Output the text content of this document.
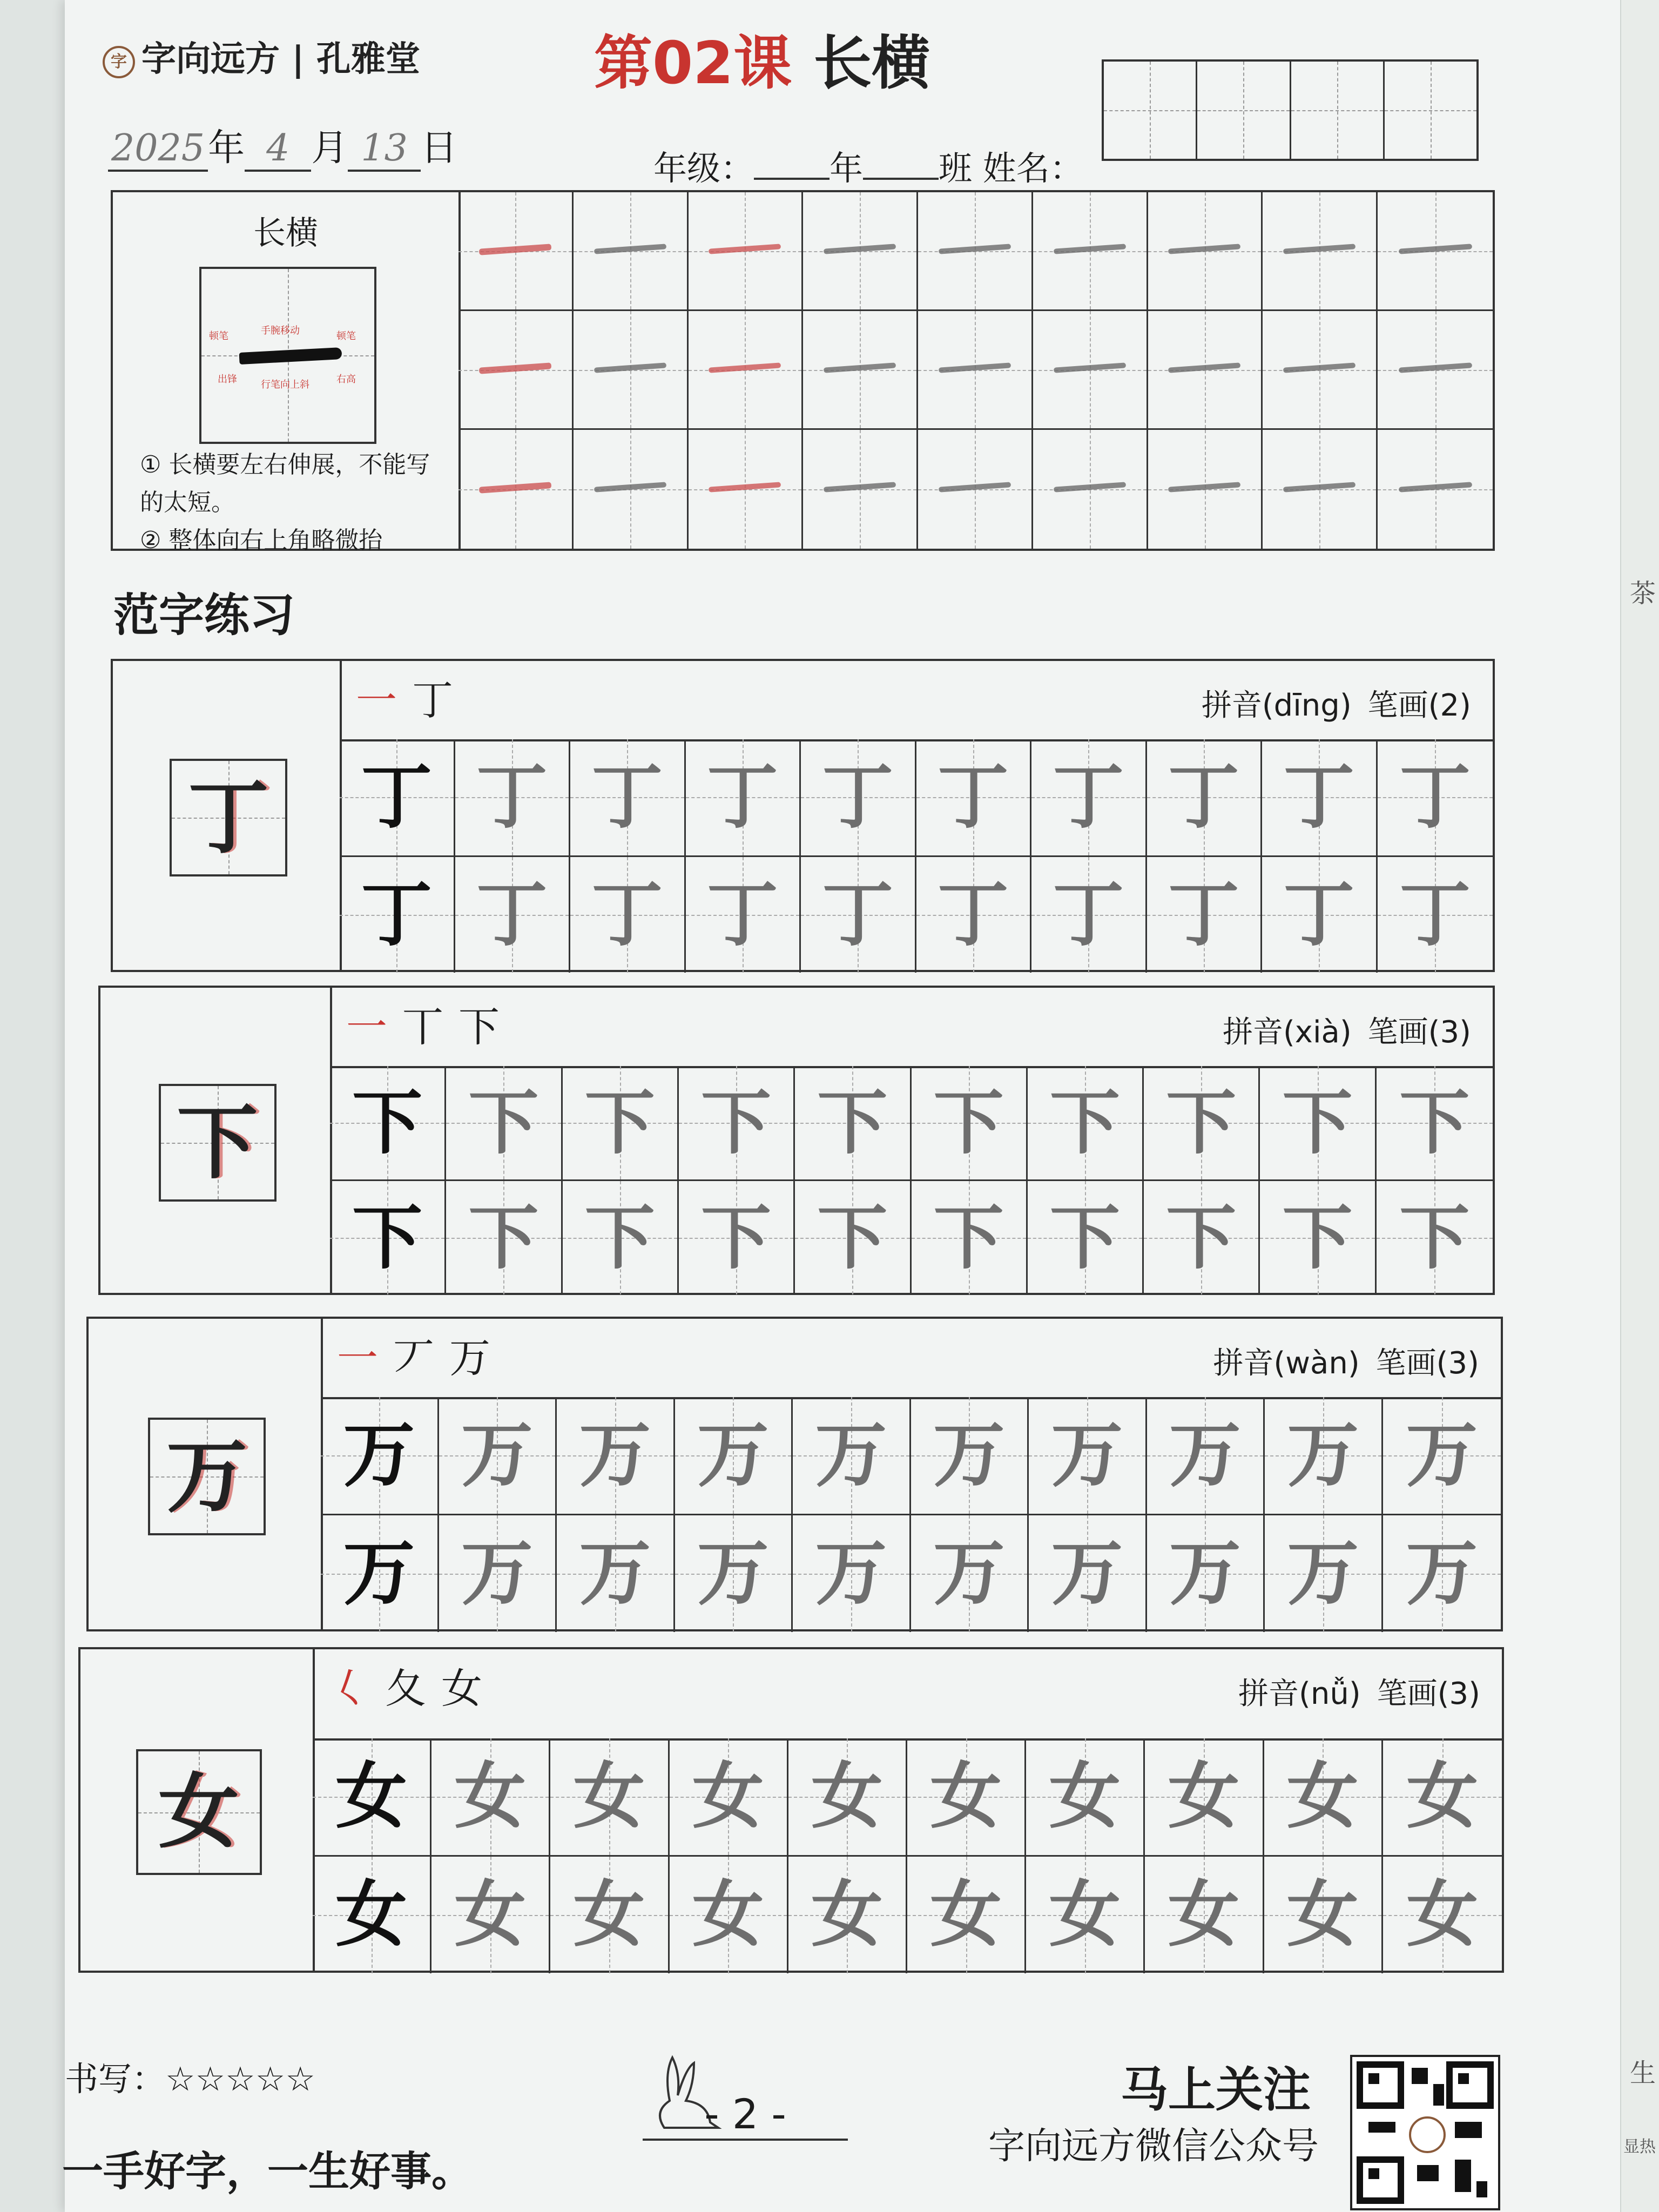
茶
生
显热
字 字向远方 | 孔雅堂	第02课 长横
2025年 4 月 13 日	年级： 年 班 姓名：
长横
顿笔	手腕移动	顿笔
出锋 行笔向上斜	右高
① 长横要左右伸展，不能写的太短。
② 整体向右上角略微抬
范字练习
丁
一 丁	拼音(dīng) 笔画(2)
丁 丁 丁 丁 丁 丁 丁 丁 丁 丁
丁 丁 丁 丁 丁 丁 丁 丁 丁 丁
下
一 丅 下	拼音(xià) 笔画(3)
下 下 下 下 下 下 下 下 下 下
下 下 下 下 下 下 下 下 下 下
万
一 丆 万	拼音(wàn) 笔画(3)
万 万 万 万 万 万 万 万 万 万
万 万 万 万 万 万 万 万 万 万
女
𡿨 夂 女	拼音(nǚ) 笔画(3)
女 女 女 女 女 女 女 女 女 女
女 女 女 女 女 女 女 女 女 女
书写：☆☆☆☆☆
一手好字，一生好事。
- 2 -	马上关注
字向远方微信公众号
